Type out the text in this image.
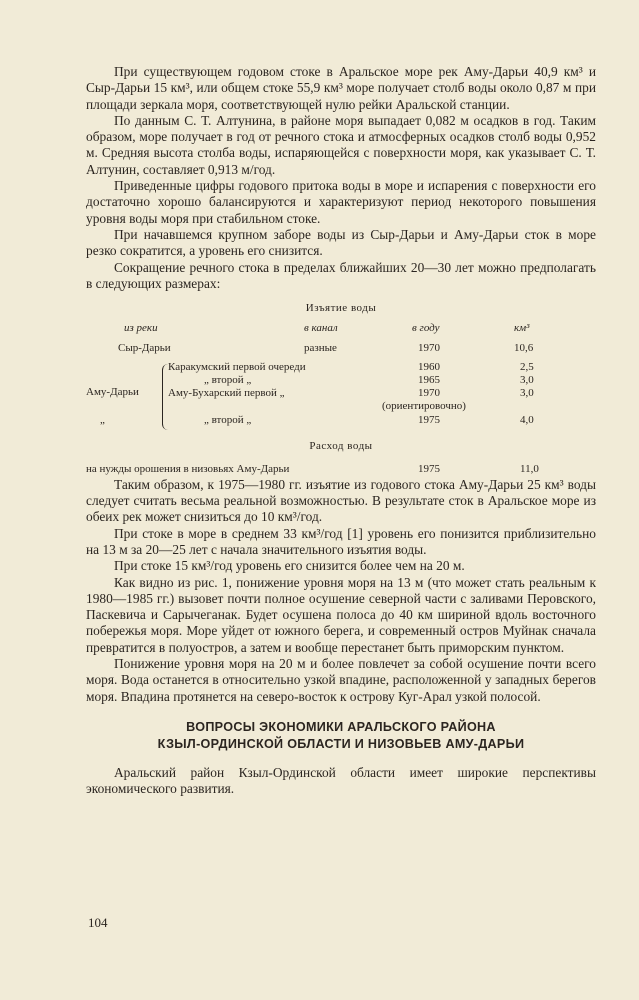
При существующем годовом стоке в Аральское море рек Аму-Дарьи 40,9 км³ и Сыр-Дарьи 15 км³, или общем стоке 55,9 км³ море получает столб воды около 0,87 м при площади зеркала моря, соответствующей нулю рейки Аральской станции.

По данным С. Т. Алтунина, в районе моря выпадает 0,082 м осадков в год. Таким образом, море получает в год от речного стока и атмосферных осадков столб воды 0,952 м. Средняя высота столба воды, испаряющейся с поверхности моря, как указывает С. Т. Алтунин, составляет 0,913 м/год.

Приведенные цифры годового притока воды в море и испарения с поверхности его достаточно хорошо балансируются и характеризуют период некоторого повышения уровня воды моря при стабильном стоке.

При начавшемся крупном заборе воды из Сыр-Дарьи и Аму-Дарьи сток в море резко сократится, а уровень его снизится.

Сокращение речного стока в пределах ближайших 20—30 лет можно предполагать в следующих размерах:

Изъятие воды
из реки	в канал	в году	км³
Сыр-Дарьи	разные	1970	10,6
Каракумский первой очереди	1960	2,5
„ второй „	1965	3,0
Аму-Дарьи	Аму-Бухарский первой „	1970	3,0
(ориентировочно)
„	„ второй „	1975	4,0
Расход воды
на нужды орошения в низовьях Аму-Дарьи	1975	11,0

Таким образом, к 1975—1980 гг. изъятие из годового стока Аму-Дарьи 25 км³ воды следует считать весьма реальной возможностью. В результате сток в Аральское море из обеих рек может снизиться до 10 км³/год.

При стоке в море в среднем 33 км³/год [1] уровень его понизится приблизительно на 13 м за 20—25 лет с начала значительного изъятия воды.

При стоке 15 км³/год уровень его снизится более чем на 20 м.

Как видно из рис. 1, понижение уровня моря на 13 м (что может стать реальным к 1980—1985 гг.) вызовет почти полное осушение северной части с заливами Перовского, Паскевича и Сарычеганак. Будет осушена полоса до 40 км шириной вдоль восточного побережья моря. Море уйдет от южного берега, и современный остров Муйнак сначала превратится в полуостров, а затем и вообще перестанет быть приморским пунктом.

Понижение уровня моря на 20 м и более повлечет за собой осушение почти всего моря. Вода останется в относительно узкой впадине, расположенной у западных берегов моря. Впадина протянется на северо-восток к острову Куг-Арал узкой полосой.

ВОПРОСЫ ЭКОНОМИКИ АРАЛЬСКОГО РАЙОНА
КЗЫЛ-ОРДИНСКОЙ ОБЛАСТИ И НИЗОВЬЕВ АМУ-ДАРЬИ

Аральский район Кзыл-Ординской области имеет широкие перспективы экономического развития.

104
